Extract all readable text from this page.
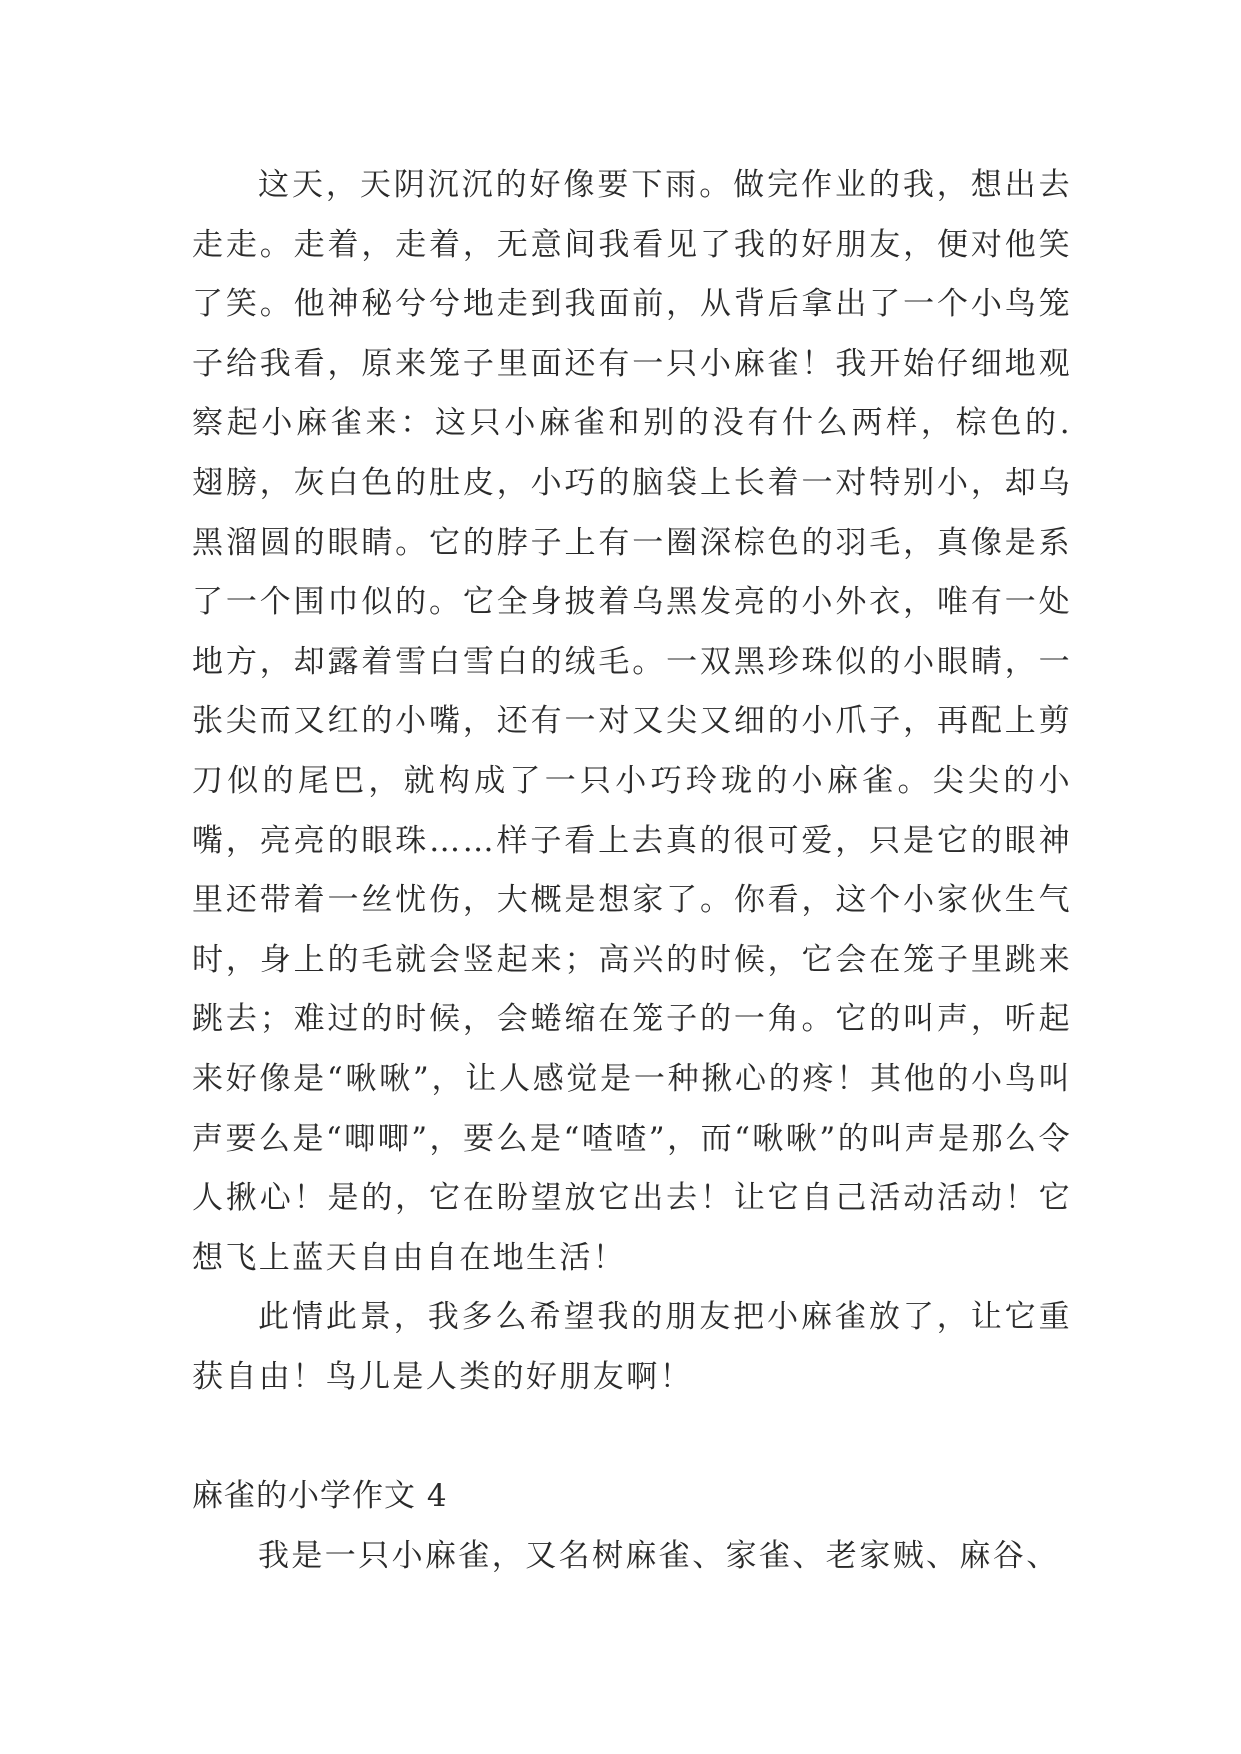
这天，天阴沉沉的好像要下雨。做完作业的我，想出去走走。走着，走着，无意间我看见了我的好朋友，便对他笑了笑。他神秘兮兮地走到我面前，从背后拿出了一个小鸟笼子给我看，原来笼子里面还有一只小麻雀！我开始仔细地观察起小麻雀来：这只小麻雀和别的没有什么两样，棕色的.翅膀，灰白色的肚皮，小巧的脑袋上长着一对特别小，却乌黑溜圆的眼睛。它的脖子上有一圈深棕色的羽毛，真像是系了一个围巾似的。它全身披着乌黑发亮的小外衣，唯有一处地方，却露着雪白雪白的绒毛。一双黑珍珠似的小眼睛，一张尖而又红的小嘴，还有一对又尖又细的小爪子，再配上剪刀似的尾巴，就构成了一只小巧玲珑的小麻雀。尖尖的小嘴，亮亮的眼珠……样子看上去真的很可爱，只是它的眼神里还带着一丝忧伤，大概是想家了。你看，这个小家伙生气时，身上的毛就会竖起来；高兴的时候，它会在笼子里跳来跳去；难过的时候，会蜷缩在笼子的一角。它的叫声，听起来好像是“啾啾”，让人感觉是一种揪心的疼！其他的小鸟叫声要么是“唧唧”，要么是“喳喳”，而“啾啾”的叫声是那么令人揪心！是的，它在盼望放它出去！让它自己活动活动！它想飞上蓝天自由自在地生活！

此情此景，我多么希望我的朋友把小麻雀放了，让它重获自由！鸟儿是人类的好朋友啊！

麻雀的小学作文 4

我是一只小麻雀，又名树麻雀、家雀、老家贼、麻谷、
